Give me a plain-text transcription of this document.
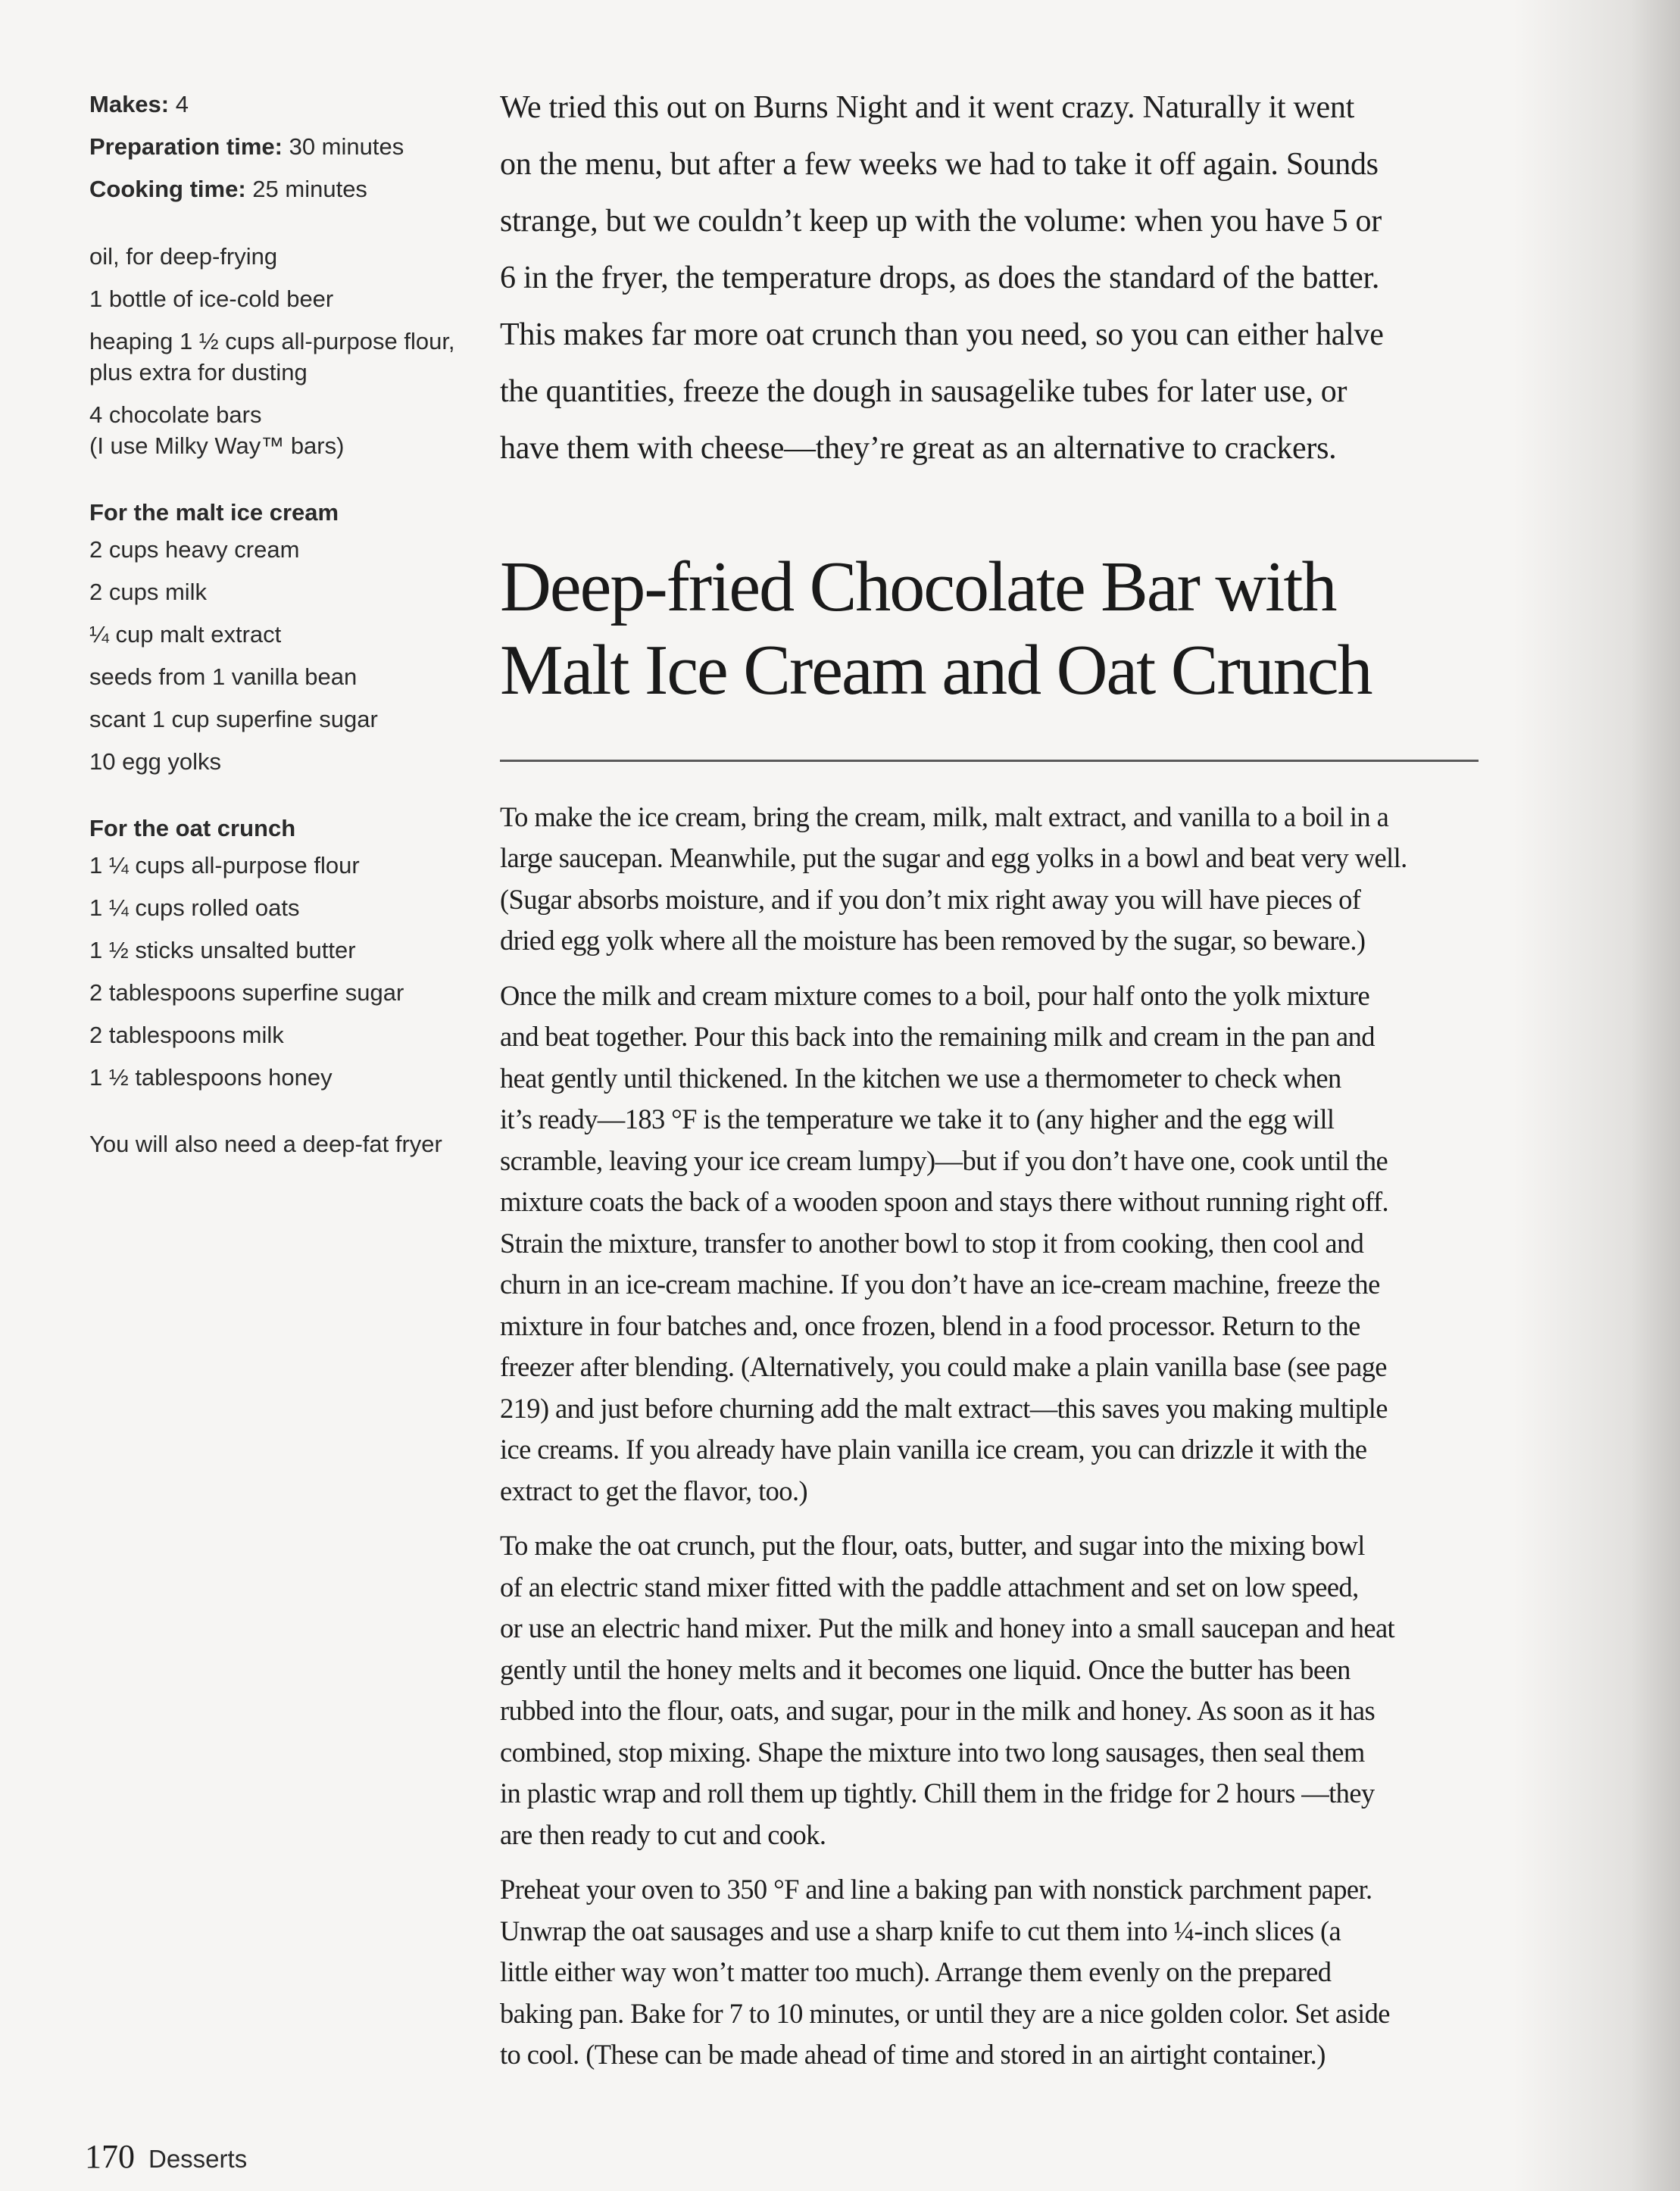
Makes: 4
Preparation time: 30 minutes
Cooking time: 25 minutes
oil, for deep-frying
1 bottle of ice-cold beer
heaping 1 ½ cups all-purpose flour,
plus extra for dusting
4 chocolate bars
(I use Milky Way™ bars)
For the malt ice cream
2 cups heavy cream
2 cups milk
¼ cup malt extract
seeds from 1 vanilla bean
scant 1 cup superfine sugar
10 egg yolks
For the oat crunch
1 ¼ cups all-purpose flour
1 ¼ cups rolled oats
1 ½ sticks unsalted butter
2 tablespoons superfine sugar
2 tablespoons milk
1 ½ tablespoons honey
You will also need a deep-fat fryer
We tried this out on Burns Night and it went crazy. Naturally it went
on the menu, but after a few weeks we had to take it off again. Sounds
strange, but we couldn’t keep up with the volume: when you have 5 or
6 in the fryer, the temperature drops, as does the standard of the batter.
This makes far more oat crunch than you need, so you can either halve
the quantities, freeze the dough in sausagelike tubes for later use, or
have them with cheese—they’re great as an alternative to crackers.
Deep-fried Chocolate Bar with
Malt Ice Cream and Oat Crunch
To make the ice cream, bring the cream, milk, malt extract, and vanilla to a boil in a
large saucepan. Meanwhile, put the sugar and egg yolks in a bowl and beat very well.
(Sugar absorbs moisture, and if you don’t mix right away you will have pieces of
dried egg yolk where all the moisture has been removed by the sugar, so beware.)
Once the milk and cream mixture comes to a boil, pour half onto the yolk mixture
and beat together. Pour this back into the remaining milk and cream in the pan and
heat gently until thickened. In the kitchen we use a thermometer to check when
it’s ready—183 °F is the temperature we take it to (any higher and the egg will
scramble, leaving your ice cream lumpy)—but if you don’t have one, cook until the
mixture coats the back of a wooden spoon and stays there without running right off.
Strain the mixture, transfer to another bowl to stop it from cooking, then cool and
churn in an ice-cream machine. If you don’t have an ice-cream machine, freeze the
mixture in four batches and, once frozen, blend in a food processor. Return to the
freezer after blending. (Alternatively, you could make a plain vanilla base (see page
219) and just before churning add the malt extract—this saves you making multiple
ice creams. If you already have plain vanilla ice cream, you can drizzle it with the
extract to get the flavor, too.)
To make the oat crunch, put the flour, oats, butter, and sugar into the mixing bowl
of an electric stand mixer fitted with the paddle attachment and set on low speed,
or use an electric hand mixer. Put the milk and honey into a small saucepan and heat
gently until the honey melts and it becomes one liquid. Once the butter has been
rubbed into the flour, oats, and sugar, pour in the milk and honey. As soon as it has
combined, stop mixing. Shape the mixture into two long sausages, then seal them
in plastic wrap and roll them up tightly. Chill them in the fridge for 2 hours —they
are then ready to cut and cook.
Preheat your oven to 350 °F and line a baking pan with nonstick parchment paper.
Unwrap the oat sausages and use a sharp knife to cut them into ¼-inch slices (a
little either way won’t matter too much). Arrange them evenly on the prepared
baking pan. Bake for 7 to 10 minutes, or until they are a nice golden color. Set aside
to cool. (These can be made ahead of time and stored in an airtight container.)
170 Desserts
